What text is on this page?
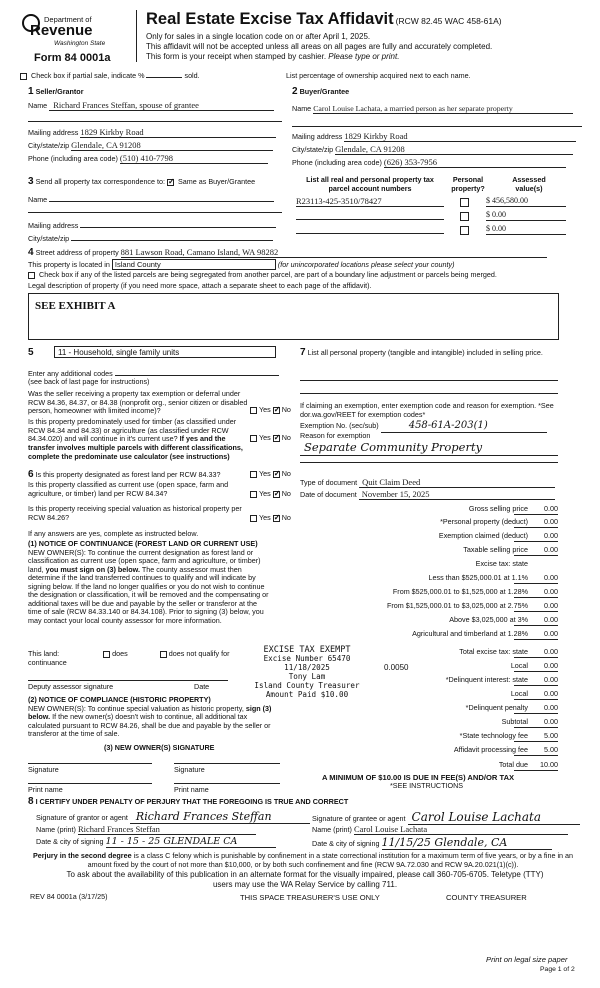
Department of
Revenue
Washington State
Form 84 0001a
Real Estate Excise Tax Affidavit (RCW 82.45 WAC 458-61A)
Only for sales in a single location code on or after April 1, 2025.
This affidavit will not be accepted unless all areas on all pages are fully and accurately completed.
This form is your receipt when stamped by cashier. Please type or print.
Check box if partial sale, indicate %	sold.	List percentage of ownership acquired next to each name.
1 Seller/Grantor
Name Richard Frances Steffan, spouse of grantee
Mailing address 1829 Kirkby Road
City/state/zip Glendale, CA 91208
Phone (including area code) (510) 410-7798
2 Buyer/Grantee
Name Carol Louise Lachata, a married person as her separate property
Mailing address 1829 Kirkby Road
City/state/zip Glendale, CA 91208
Phone (including area code) (626) 353-7956
3 Send all property tax correspondence to: ✓ Same as Buyer/Grantee
Name
Mailing address
City/state/zip
List all real and personal property tax
parcel account numbers
Personal
property?
Assessed
value(s)
R23113-425-3510/78427	$ 456,580.00
$ 0.00
$ 0.00
4 Street address of property 881 Lawson Road, Camano Island, WA 98282
This property is located in Island County	(for unincorporated locations please select your county)
Check box if any of the listed parcels are being segregated from another parcel, are part of a boundary line adjustment or parcels being merged.
Legal description of property (if you need more space, attach a separate sheet to each page of the affidavit).
SEE EXHIBIT A
5	11 - Household, single family units
Enter any additional codes
(see back of last page for instructions)
Was the seller receiving a property tax exemption or deferral under RCW 84.36, 84.37, or 84.38 (nonprofit org., senior citizen or disabled person, homeowner with limited income)?	Yes ✓ No
Is this property predominately used for timber (as classified under RCW 84.34 and 84.33) or agriculture (as classified under RCW 84.34.020) and will continue in it's current use? If yes and the transfer involves multiple parcels with different classifications, complete the predominate use calculator (see instructions)
Yes ✓ No
6 Is this property designated as forest land per RCW 84.33?	Yes ✓ No
Is this property classified as current use (open space, farm and agriculture, or timber) land per RCW 84.34?	Yes ✓ No
Is this property receiving special valuation as historical property per RCW 84.26?	Yes ✓ No
If any answers are yes, complete as instructed below.
(1) NOTICE OF CONTINUANCE (FOREST LAND OR CURRENT USE)
NEW OWNER(S): To continue the current designation as forest land or classification as current use (open space, farm and agriculture, or timber) land, you must sign on (3) below. The county assessor must then determine if the land transferred continues to qualify and will indicate by signing below. If the land no longer qualifies or you do not wish to continue the designation or classification, it will be removed and the compensating or additional taxes will be due and payable by the seller or transferor at the time of sale (RCW 84.33.140 or 84.34.108). Prior to signing (3) below, you may contact your local county assessor for more information.
This land:	does	does not qualify for
continuance
Deputy assessor signature	Date
(2) NOTICE OF COMPLIANCE (HISTORIC PROPERTY)
NEW OWNER(S): To continue special valuation as historic property, sign (3) below. If the new owner(s) doesn't wish to continue, all additional tax calculated pursuant to RCW 84.26, shall be due and payable by the seller or transferor at the time of sale.
(3) NEW OWNER(S) SIGNATURE
Signature	Signature
Print name	Print name
7 List all personal property (tangible and intangible) included in selling price.
If claiming an exemption, enter exemption code and reason for exemption. *See dor.wa.gov/REET for exemption codes*
Exemption No. (sec/sub)	458-61A-203(1)
Reason for exemption
Separate Community Property
Type of document Quit Claim Deed
Date of document November 15, 2025
Gross selling price	0.00
*Personal property (deduct)	0.00
Exemption claimed (deduct)	0.00
Taxable selling price	0.00
Excise tax: state
Less than $525,000.01 at 1.1%	0.00
From $525,000.01 to $1,525,000 at 1.28%	0.00
From $1,525,000.01 to $3,025,000 at 2.75%	0.00
Above $3,025,000 at 3%	0.00
Agricultural and timberland at 1.28%	0.00
Total excise tax: state	0.00
0.0050	Local	0.00
*Delinquent interest: state	0.00
Local	0.00
*Delinquent penalty	0.00
Subtotal	0.00
*State technology fee	5.00
Affidavit processing fee	5.00
Total due	10.00
A MINIMUM OF $10.00 IS DUE IN FEE(S) AND/OR TAX
*SEE INSTRUCTIONS
EXCISE TAX EXEMPT
Excise Number 65470
11/18/2025
Tony Lam
Island County Treasurer
Amount Paid $10.00
8 I CERTIFY UNDER PENALTY OF PERJURY THAT THE FOREGOING IS TRUE AND CORRECT
Signature of grantor or agent Richard Frances Steffan
Name (print) Richard Frances Steffan
Date & city of signing 11 - 15 - 25 GLENDALE CA
Signature of grantee or agent Carol Louise Lachata
Name (print) Carol Louise Lachata
Date & city of signing 11/15/25 Glendale, CA
Perjury in the second degree is a class C felony which is punishable by confinement in a state correctional institution for a maximum term of five years, or by a fine in an amount fixed by the court of not more than $10,000, or by both such confinement and fine (RCW 9A.72.030 and RCW 9A.20.021(1)(c)).
To ask about the availability of this publication in an alternate format for the visually impaired, please call 360-705-6705. Teletype (TTY) users may use the WA Relay Service by calling 711.
REV 84 0001a (3/17/25)	THIS SPACE TREASURER'S USE ONLY	COUNTY TREASURER
Print on legal size paper
Page 1 of 2
